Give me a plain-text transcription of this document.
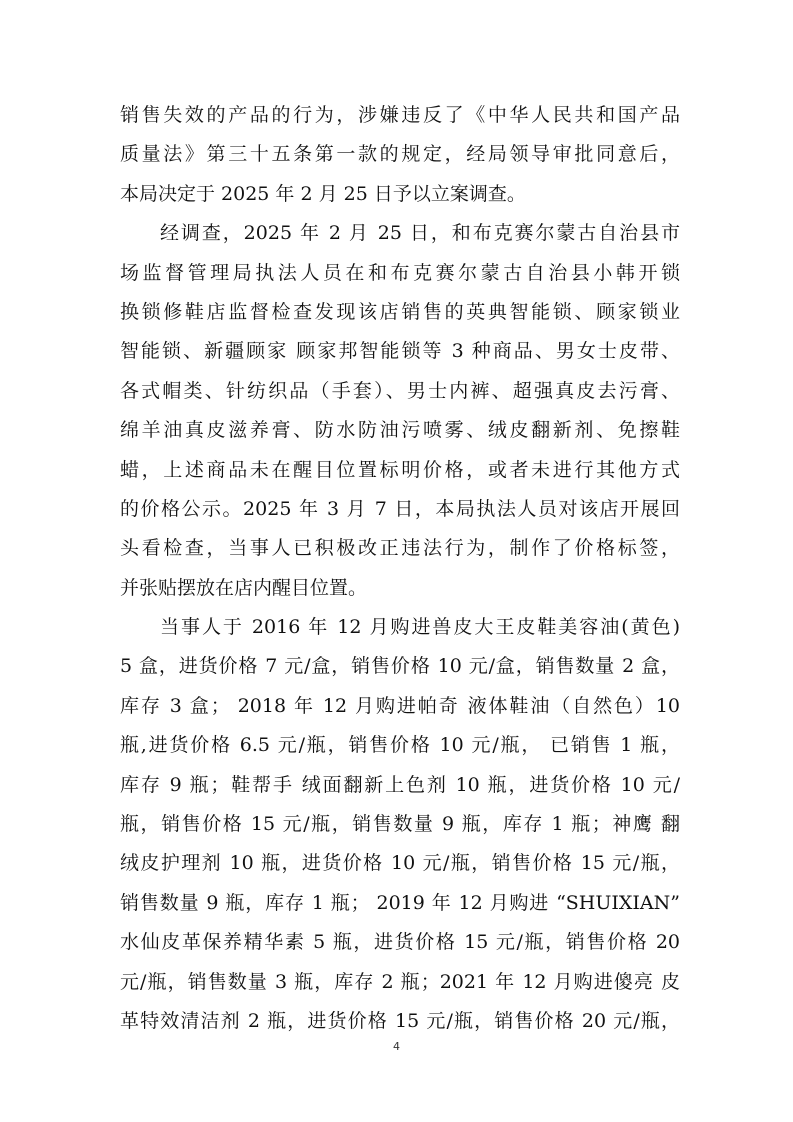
销售失效的产品的行为，涉嫌违反了《中华人民共和国产品
质量法》第三十五条第一款的规定，经局领导审批同意后，
本局决定于 2025 年 2 月 25 日予以立案调查。
经调查，2025 年 2 月 25 日，和布克赛尔蒙古自治县市
场监督管理局执法人员在和布克赛尔蒙古自治县小韩开锁
换锁修鞋店监督检查发现该店销售的英典智能锁、顾家锁业
智能锁、新疆顾家 顾家邦智能锁等 3 种商品、男女士皮带、
各式帽类、针纺织品（手套）、男士内裤、超强真皮去污膏、
绵羊油真皮滋养膏、防水防油污喷雾、绒皮翻新剂、免擦鞋
蜡，上述商品未在醒目位置标明价格，或者未进行其他方式
的价格公示。2025 年 3 月 7 日，本局执法人员对该店开展回
头看检查，当事人已积极改正违法行为，制作了价格标签，
并张贴摆放在店内醒目位置。
当事人于 2016 年 12 月购进兽皮大王皮鞋美容油(黄色)
5 盒，进货价格 7 元/盒，销售价格 10 元/盒，销售数量 2 盒，
库存 3 盒； 2018 年 12 月购进帕奇 液体鞋油（自然色）10
瓶,进货价格 6.5 元/瓶，销售价格 10 元/瓶， 已销售 1 瓶，
库存 9 瓶；鞋帮手 绒面翻新上色剂 10 瓶，进货价格 10 元/
瓶，销售价格 15 元/瓶，销售数量 9 瓶，库存 1 瓶；神鹰 翻
绒皮护理剂 10 瓶，进货价格 10 元/瓶，销售价格 15 元/瓶，
销售数量 9 瓶，库存 1 瓶； 2019 年 12 月购进 “SHUIXIAN”
水仙皮革保养精华素 5 瓶，进货价格 15 元/瓶，销售价格 20
元/瓶，销售数量 3 瓶，库存 2 瓶；2021 年 12 月购进傻亮 皮
革特效清洁剂 2 瓶，进货价格 15 元/瓶，销售价格 20 元/瓶，
4
